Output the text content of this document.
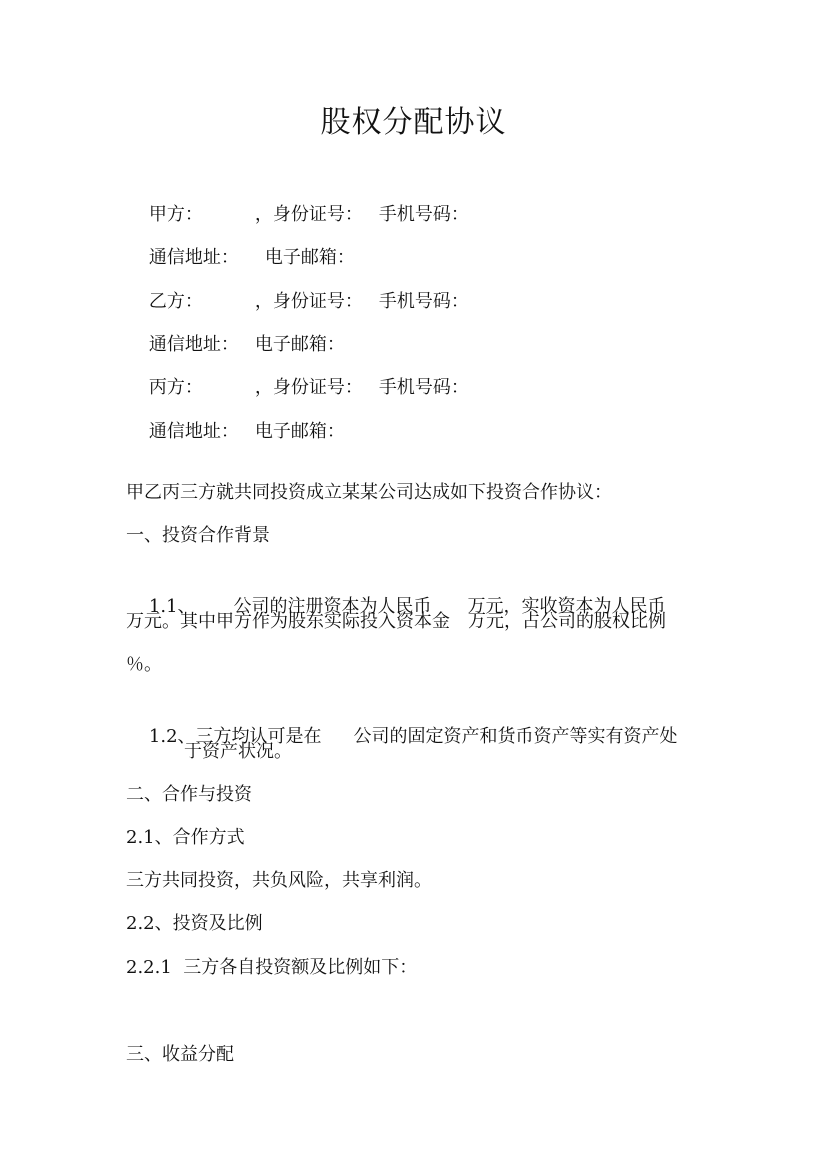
股权分配协议

甲方：	，身份证号： 手机号码：

通信地址： 电子邮箱：

乙方：	，身份证号： 手机号码：

通信地址： 电子邮箱：

丙方：	，身份证号： 手机号码：

通信地址： 电子邮箱：

甲乙丙三方就共同投资成立某某公司达成如下投资合作协议：
一、投资合作背景

1.1、 公司的注册资本为人民币 万元，实收资本为人民币

万元。其中甲方作为股东实际投入资本金　万元，占公司的股权比例
％。

1.2、三方均认可是在 公司的固定资产和货币资产等实有资产处

于资产状况。
二、合作与投资
2.1、合作方式
三方共同投资，共负风险，共享利润。
2.2、投资及比例
2.2.1  三方各自投资额及比例如下：
三、收益分配
